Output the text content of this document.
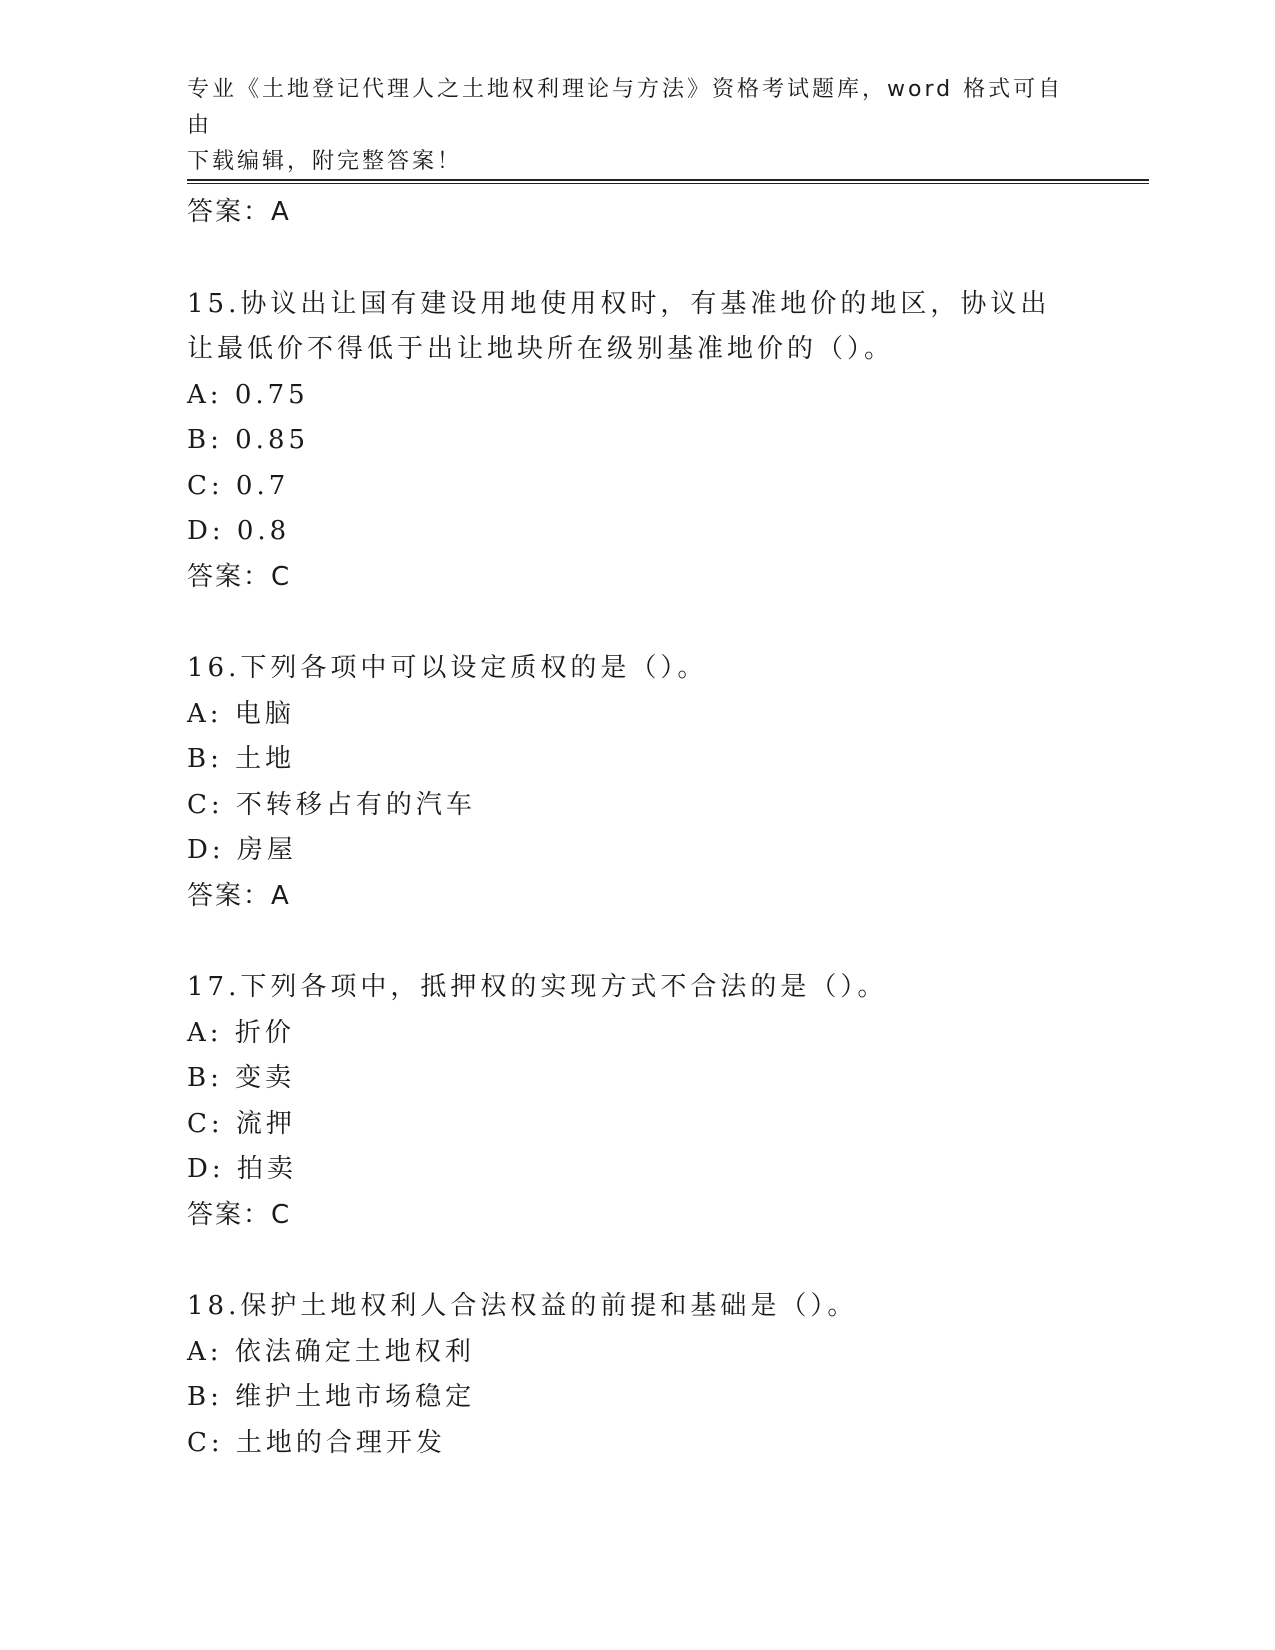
专业《土地登记代理人之土地权利理论与方法》资格考试题库，word 格式可自由
下载编辑，附完整答案！
答案：A
15.协议出让国有建设用地使用权时，有基准地价的地区，协议出让最低价不得低于出让地块所在级别基准地价的（）。
A: 0.75
B: 0.85
C: 0.7
D: 0.8
答案：C
16.下列各项中可以设定质权的是（）。
A: 电脑
B: 土地
C: 不转移占有的汽车
D: 房屋
答案：A
17.下列各项中，抵押权的实现方式不合法的是（）。
A: 折价
B: 变卖
C: 流押
D: 拍卖
答案：C
18.保护土地权利人合法权益的前提和基础是（）。
A: 依法确定土地权利
B: 维护土地市场稳定
C: 土地的合理开发
